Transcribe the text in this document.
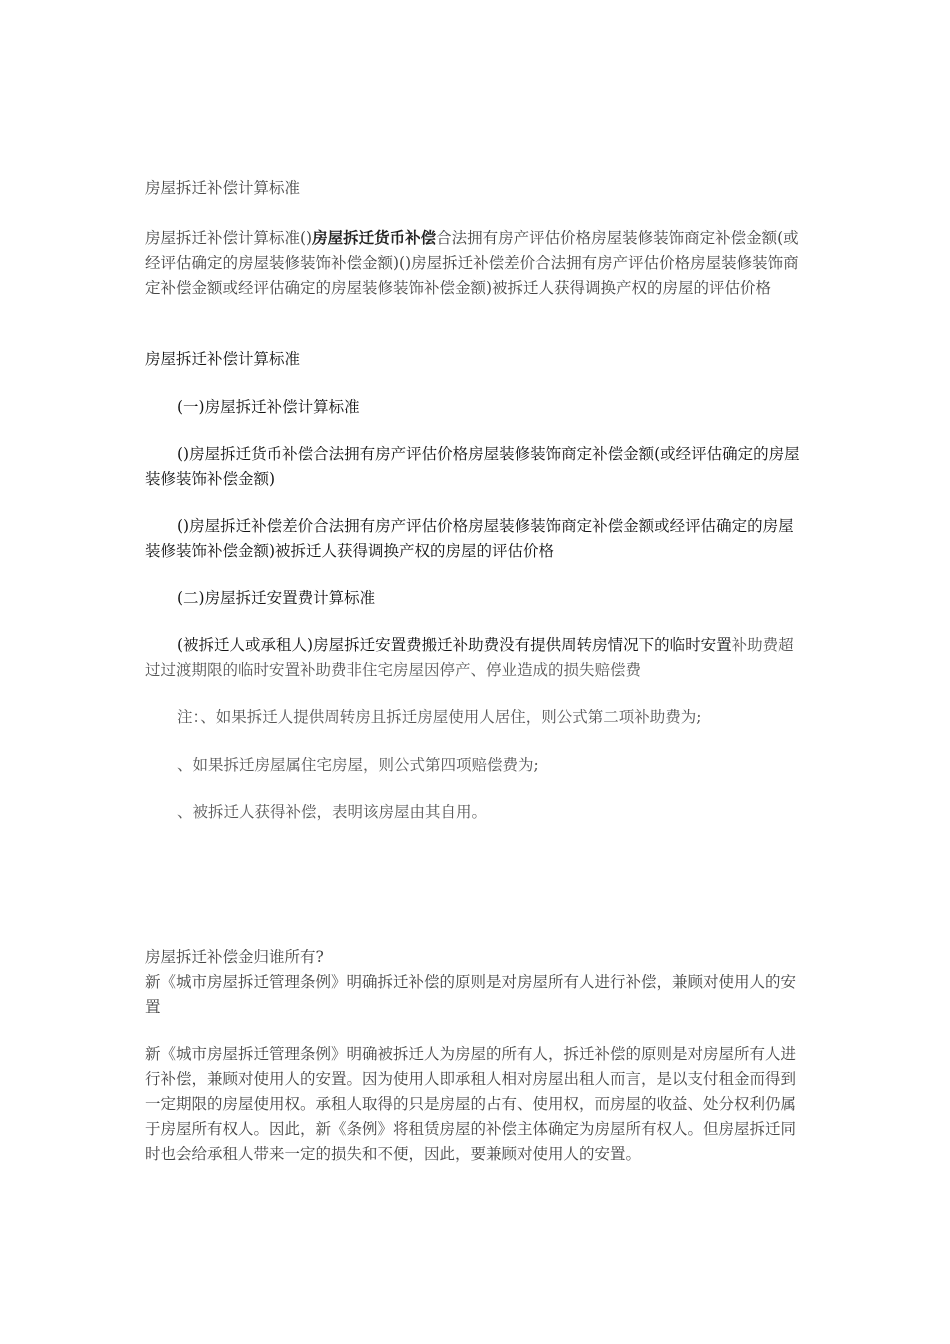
房屋拆迁补偿计算标准

房屋拆迁补偿计算标准()房屋拆迁货币补偿合法拥有房产评估价格房屋装修装饰商定补偿金额(或经评估确定的房屋装修装饰补偿金额)()房屋拆迁补偿差价合法拥有房产评估价格房屋装修装饰商定补偿金额或经评估确定的房屋装修装饰补偿金额)被拆迁人获得调换产权的房屋的评估价格

房屋拆迁补偿计算标准

(一)房屋拆迁补偿计算标准

()房屋拆迁货币补偿合法拥有房产评估价格房屋装修装饰商定补偿金额(或经评估确定的房屋装修装饰补偿金额)

()房屋拆迁补偿差价合法拥有房产评估价格房屋装修装饰商定补偿金额或经评估确定的房屋装修装饰补偿金额)被拆迁人获得调换产权的房屋的评估价格

(二)房屋拆迁安置费计算标准

(被拆迁人或承租人)房屋拆迁安置费搬迁补助费没有提供周转房情况下的临时安置补助费超过过渡期限的临时安置补助费非住宅房屋因停产、停业造成的损失赔偿费

注：、如果拆迁人提供周转房且拆迁房屋使用人居住，则公式第二项补助费为;

、如果拆迁房屋属住宅房屋，则公式第四项赔偿费为;

、被拆迁人获得补偿，表明该房屋由其自用。

房屋拆迁补偿金归谁所有?

新《城市房屋拆迁管理条例》明确拆迁补偿的原则是对房屋所有人进行补偿，兼顾对使用人的安置

新《城市房屋拆迁管理条例》明确被拆迁人为房屋的所有人，拆迁补偿的原则是对房屋所有人进行补偿，兼顾对使用人的安置。因为使用人即承租人相对房屋出租人而言，是以支付租金而得到一定期限的房屋使用权。承租人取得的只是房屋的占有、使用权，而房屋的收益、处分权利仍属于房屋所有权人。因此，新《条例》将租赁房屋的补偿主体确定为房屋所有权人。但房屋拆迁同时也会给承租人带来一定的损失和不便，因此，要兼顾对使用人的安置。
